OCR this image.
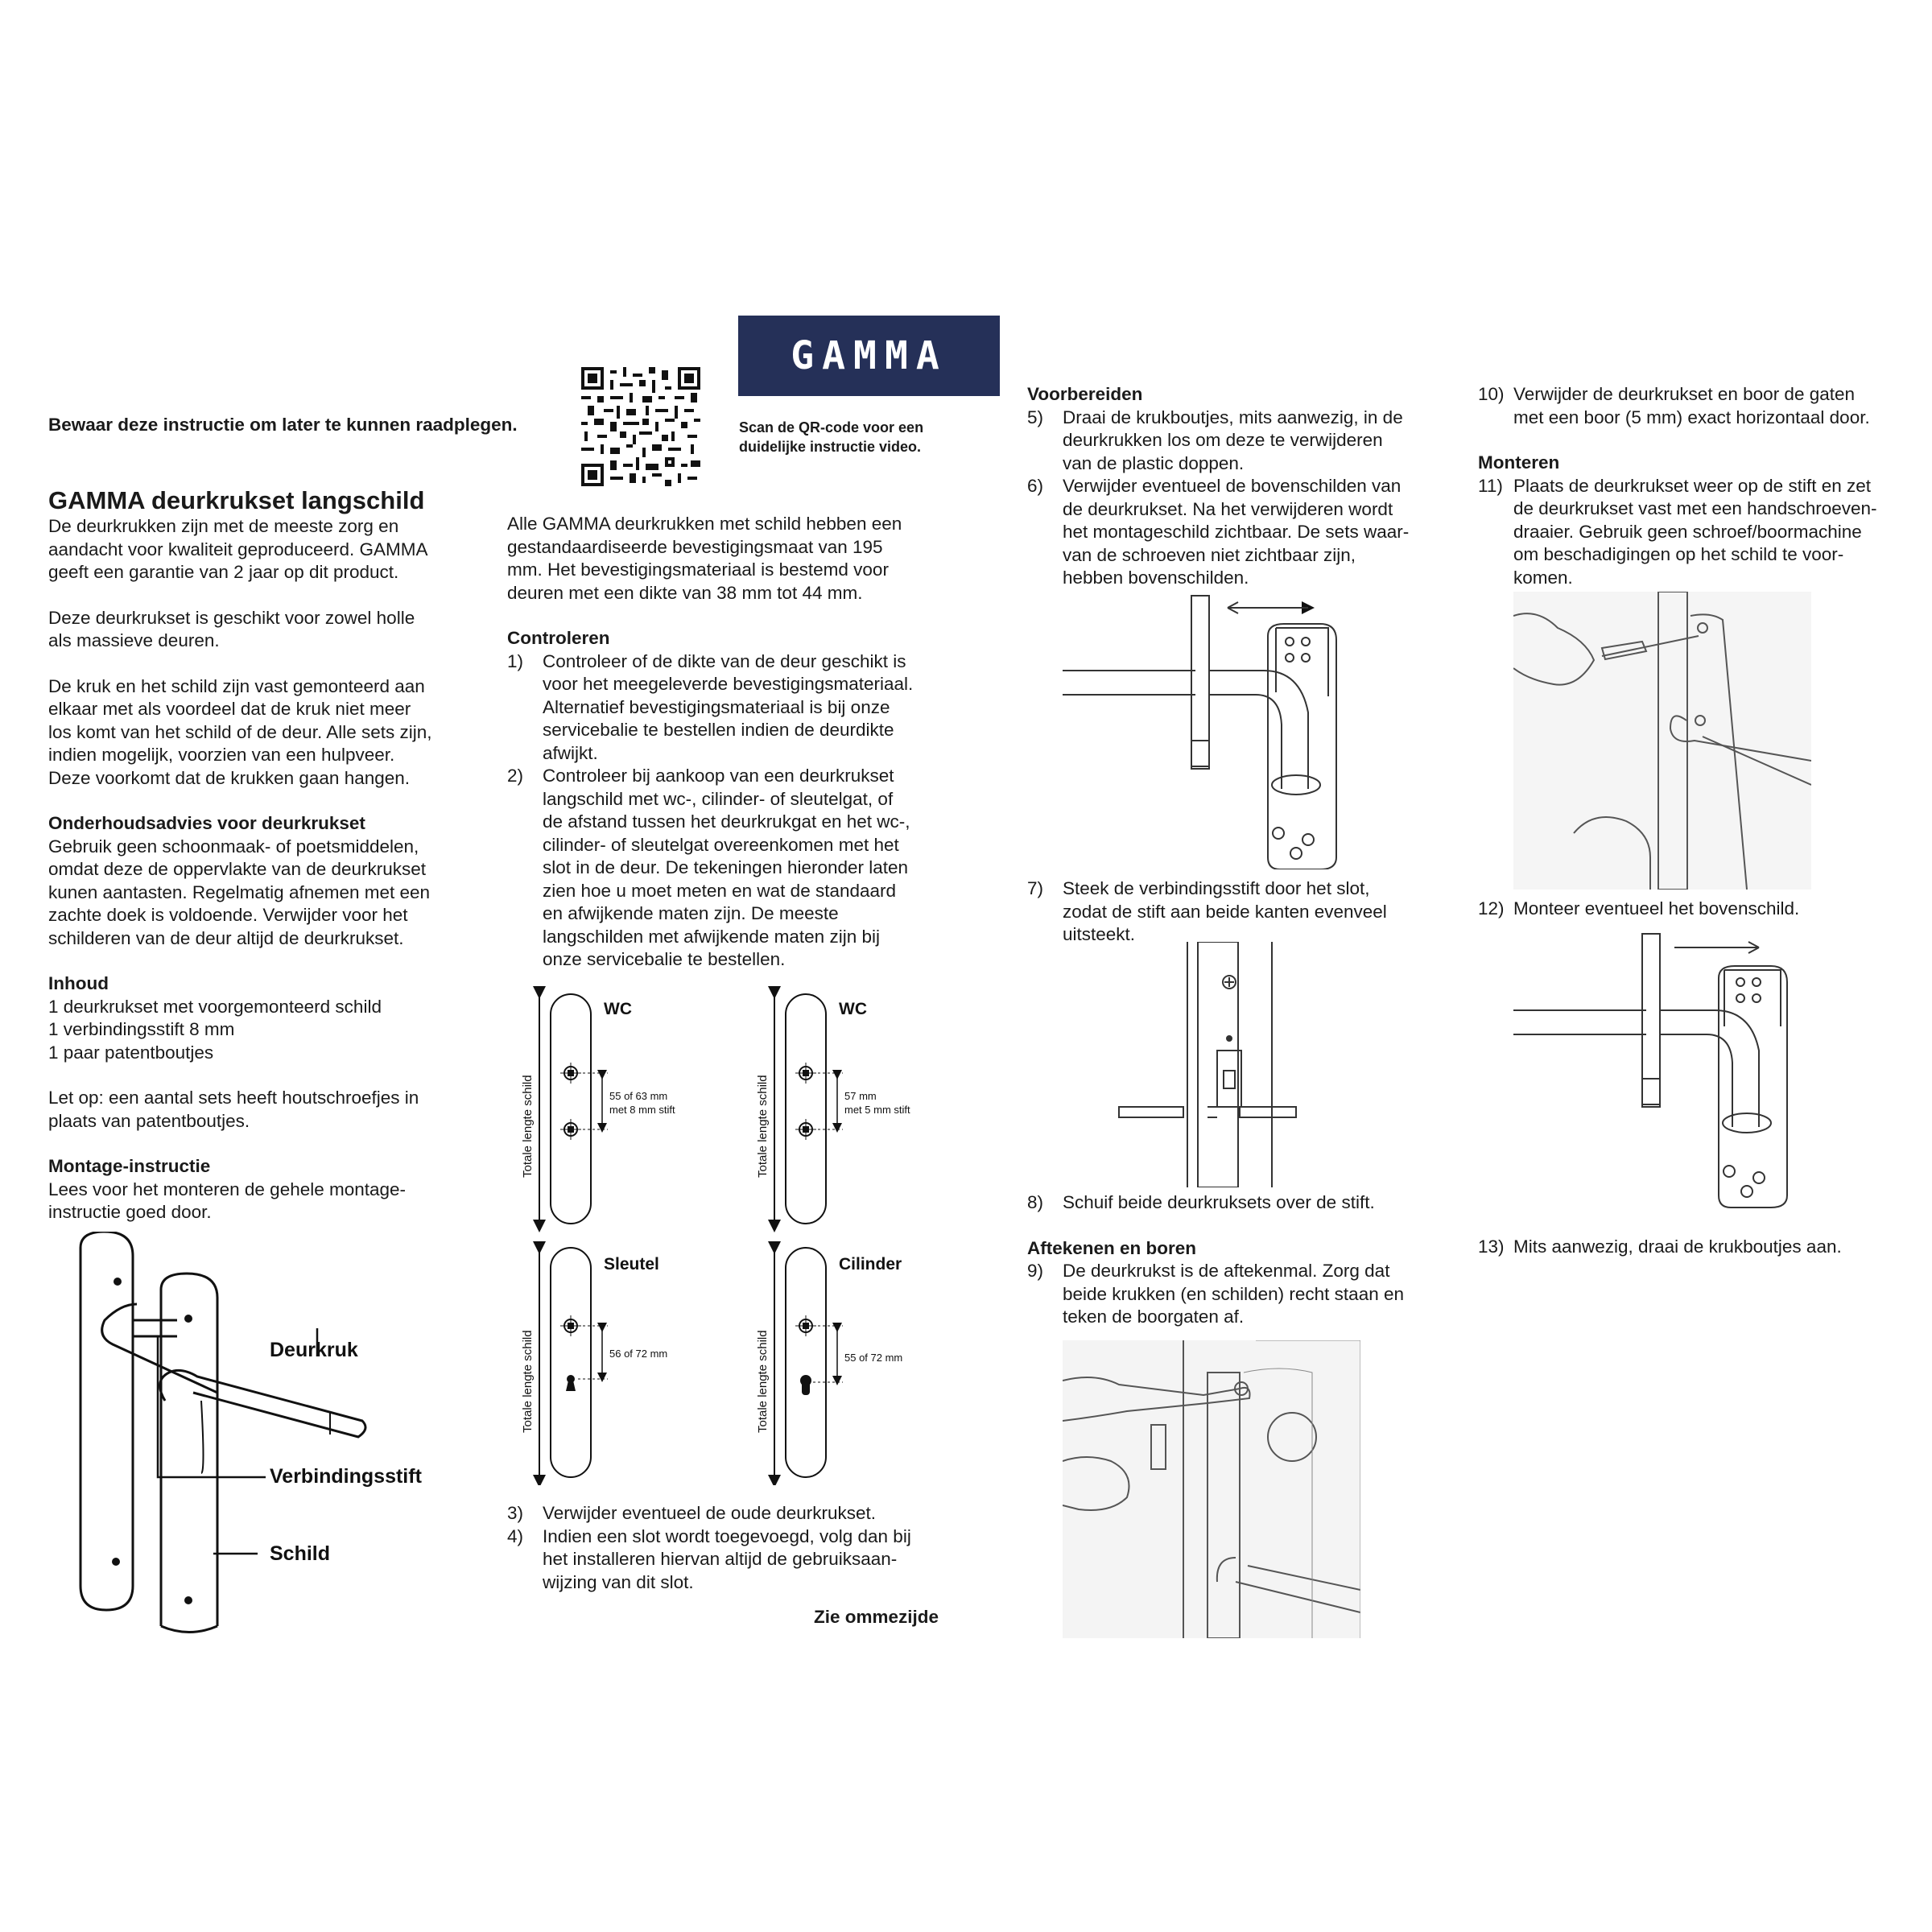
Bewaar deze instructie om later te kunnen raadplegen.
GAMMA
Scan de QR-code voor een
duidelijke instructie video.
GAMMA deurkrukset langschild
De deurkrukken zijn met de meeste zorg en
aandacht voor kwaliteit geproduceerd. GAMMA
geeft een garantie van 2 jaar op dit product.
Deze deurkrukset is geschikt voor zowel holle
als massieve deuren.
De kruk en het schild zijn vast gemonteerd aan
elkaar met als voordeel dat de kruk niet meer
los komt van het schild of de deur. Alle sets zijn,
indien mogelijk, voorzien van een hulpveer.
Deze voorkomt dat de krukken gaan hangen.
Onderhoudsadvies voor deurkrukset
Gebruik geen schoonmaak- of poetsmiddelen,
omdat deze de oppervlakte van de deurkrukset
kunen aantasten. Regelmatig afnemen met een
zachte doek is voldoende. Verwijder voor het
schilderen van de deur altijd de deurkrukset.
Inhoud
1 deurkrukset met voorgemonteerd schild
1 verbindingsstift 8 mm
1 paar patentboutjes
Let op: een aantal sets heeft houtschroefjes in
plaats van patentboutjes.
Montage-instructie
Lees voor het monteren de gehele montage-
instructie goed door.
Deurkruk
Verbindingsstift
Schild
Alle GAMMA deurkrukken met schild hebben een
gestandaardiseerde bevestigingsmaat van 195
mm. Het bevestigingsmateriaal is bestemd voor
deuren met een dikte van 38 mm tot 44 mm.
Controleren
1) Controleer of de dikte van de deur geschikt is
voor het meegeleverde bevestigingsmateriaal.
Alternatief bevestigingsmateriaal is bij onze
servicebalie te bestellen indien de deurdikte
afwijkt.
2) Controleer bij aankoop van een deurkrukset
langschild met wc-, cilinder- of sleutelgat, of
de afstand tussen het deurkrukgat en het wc-,
cilinder- of sleutelgat overeenkomen met het
slot in de deur. De tekeningen hieronder laten
zien hoe u moet meten en wat de standaard
en afwijkende maten zijn. De meeste
langschilden met afwijkende maten zijn bij
onze servicebalie te bestellen.
Totale lengte schild
WC
55 of 63 mm
met 8 mm stift	Totale lengte schild
WC
57 mm
met 5 mm stift
Totale lengte schild
Sleutel
56 of 72 mm	Totale lengte schild
Cilinder
55 of 72 mm
3) Verwijder eventueel de oude deurkrukset.
4) Indien een slot wordt toegevoegd, volg dan bij
het installeren hiervan altijd de gebruiksaan-
wijzing van dit slot.
Zie ommezijde
Voorbereiden
5) Draai de krukboutjes, mits aanwezig, in de
deurkrukken los om deze te verwijderen
van de plastic doppen.
6) Verwijder eventueel de bovenschilden van
de deurkrukset. Na het verwijderen wordt
het montageschild zichtbaar. De sets waar-
van de schroeven niet zichtbaar zijn,
hebben bovenschilden.
7) Steek de verbindingsstift door het slot,
zodat de stift aan beide kanten evenveel
uitsteekt.
8) Schuif beide deurkruksets over de stift.
Aftekenen en boren
9) De deurkrukst is de aftekenmal. Zorg dat
beide krukken (en schilden) recht staan en
teken de boorgaten af.
10) Verwijder de deurkrukset en boor de gaten
met een boor (5 mm) exact horizontaal door.
Monteren
11) Plaats de deurkrukset weer op de stift en zet
de deurkrukset vast met een handschroeven-
draaier. Gebruik geen schroef/boormachine
om beschadigingen op het schild te voor-
komen.
12) Monteer eventueel het bovenschild.
13) Mits aanwezig, draai de krukboutjes aan.
